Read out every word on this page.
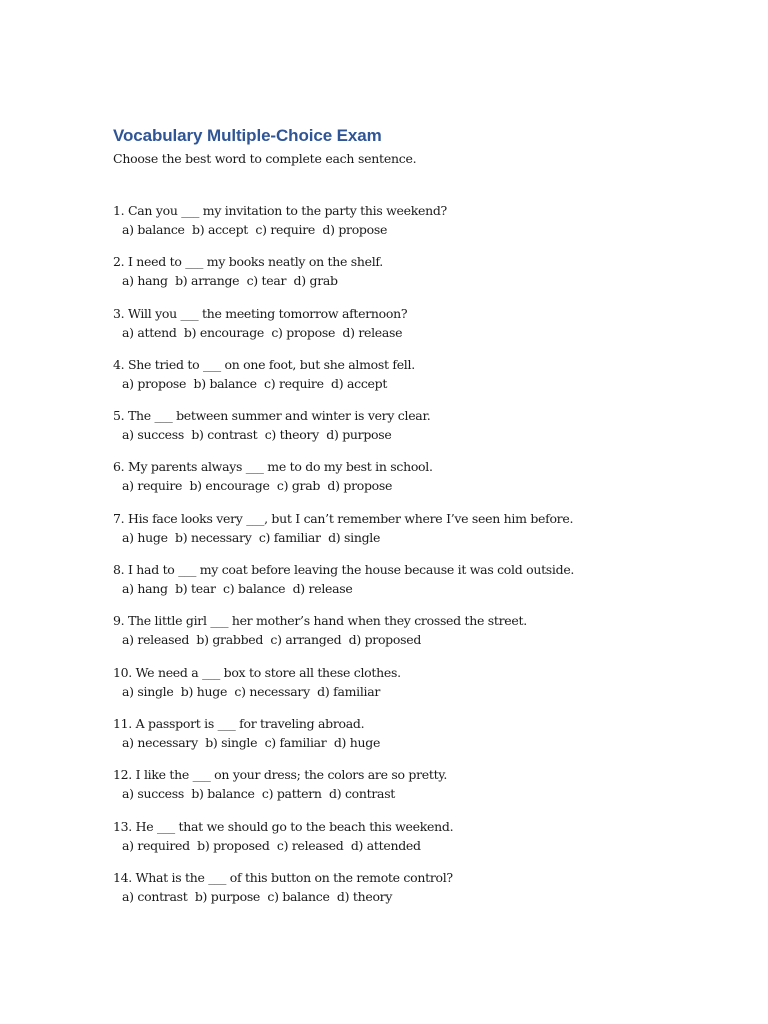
Vocabulary Multiple-Choice Exam
Choose the best word to complete each sentence.
1. Can you ___ my invitation to the party this weekend?
a) balance  b) accept  c) require  d) propose
2. I need to ___ my books neatly on the shelf.
a) hang  b) arrange  c) tear  d) grab
3. Will you ___ the meeting tomorrow afternoon?
a) attend  b) encourage  c) propose  d) release
4. She tried to ___ on one foot, but she almost fell.
a) propose  b) balance  c) require  d) accept
5. The ___ between summer and winter is very clear.
a) success  b) contrast  c) theory  d) purpose
6. My parents always ___ me to do my best in school.
a) require  b) encourage  c) grab  d) propose
7. His face looks very ___, but I can’t remember where I’ve seen him before.
a) huge  b) necessary  c) familiar  d) single
8. I had to ___ my coat before leaving the house because it was cold outside.
a) hang  b) tear  c) balance  d) release
9. The little girl ___ her mother’s hand when they crossed the street.
a) released  b) grabbed  c) arranged  d) proposed
10. We need a ___ box to store all these clothes.
a) single  b) huge  c) necessary  d) familiar
11. A passport is ___ for traveling abroad.
a) necessary  b) single  c) familiar  d) huge
12. I like the ___ on your dress; the colors are so pretty.
a) success  b) balance  c) pattern  d) contrast
13. He ___ that we should go to the beach this weekend.
a) required  b) proposed  c) released  d) attended
14. What is the ___ of this button on the remote control?
a) contrast  b) purpose  c) balance  d) theory
